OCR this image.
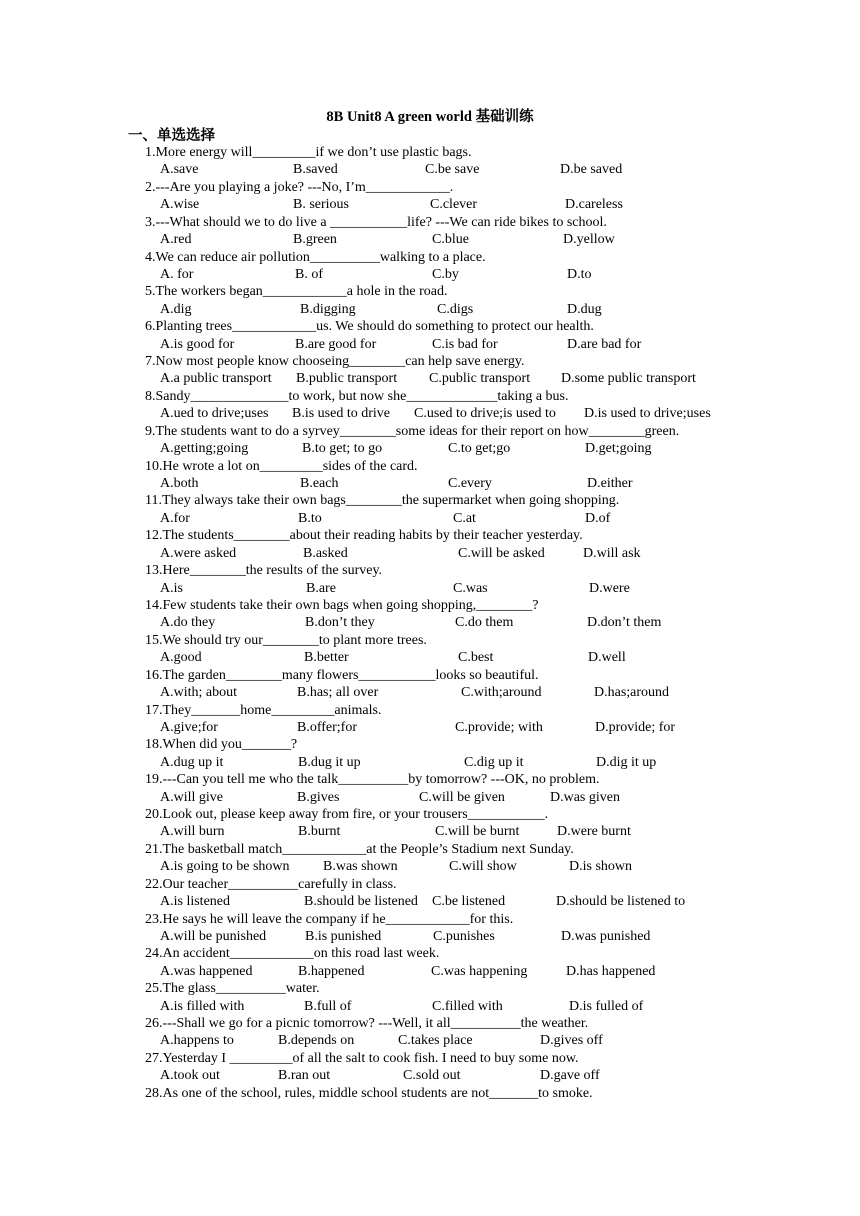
8B Unit8 A green world 基础训练
一、单选选择
1.More energy will_________if we don’t use plastic bags.
A.save	B.saved	C.be save	D.be saved
2.---Are you playing a joke? ---No, I’m____________.
A.wise	B. serious	C.clever	D.careless
3.---What should we to do live a ___________life? ---We can ride bikes to school.
A.red	B.green	C.blue	D.yellow
4.We can reduce air pollution__________walking to a place.
A. for	B. of	C.by	D.to
5.The workers began____________a hole in the road.
A.dig	B.digging	C.digs	D.dug
6.Planting trees____________us. We should do something to protect our health.
A.is good for	B.are good for	C.is bad for	D.are bad for
7.Now most people know chooseing________can help save energy.
A.a public transport B.public transport C.public transport D.some public transport
8.Sandy______________to work, but now she_____________taking a bus.
A.ued to drive;uses B.is used to drive C.used to drive;is used to D.is used to drive;uses
9.The students want to do a syrvey________some ideas for their report on how________green.
A.getting;going	B.to get; to go	C.to get;go	D.get;going
10.He wrote a lot on_________sides of the card.
A.both	B.each	C.every	D.either
11.They always take their own bags________the supermarket when going shopping.
A.for	B.to	C.at	D.of
12.The students________about their reading habits by their teacher yesterday.
A.were asked	B.asked	C.will be asked	D.will ask
13.Here________the results of the survey.
A.is	B.are	C.was	D.were
14.Few students take their own bags when going shopping,________?
A.do they	B.don’t they	C.do them	D.don’t them
15.We should try our________to plant more trees.
A.good	B.better	C.best	D.well
16.The garden________many flowers___________looks so beautiful.
A.with; about	B.has; all over	C.with;around	D.has;around
17.They_______home_________animals.
A.give;for	B.offer;for	C.provide; with	D.provide; for
18.When did you_______?
A.dug up it	B.dug it up	C.dig up it	D.dig it up
19.---Can you tell me who the talk__________by tomorrow? ---OK, no problem.
A.will give	B.gives	C.will be given	D.was given
20.Look out, please keep away from fire, or your trousers___________.
A.will burn	B.burnt	C.will be burnt	D.were burnt
21.The basketball match____________at the People’s Stadium next Sunday.
A.is going to be shown B.was shown	C.will show	D.is shown
22.Our teacher__________carefully in class.
A.is listened	B.should be listened C.be listened	D.should be listened to
23.He says he will leave the company if he____________for this.
A.will be punished	B.is punished	C.punishes	D.was punished
24.An accident____________on this road last week.
A.was happened	B.happened	C.was happening	D.has happened
25.The glass__________water.
A.is filled with	B.full of	C.filled with	D.is fulled of
26.---Shall we go for a picnic tomorrow? ---Well, it all__________the weather.
A.happens to	B.depends on	C.takes place	D.gives off
27.Yesterday I _________of all the salt to cook fish. I need to buy some now.
A.took out	B.ran out	C.sold out	D.gave off
28.As one of the school, rules, middle school students are not_______to smoke.
